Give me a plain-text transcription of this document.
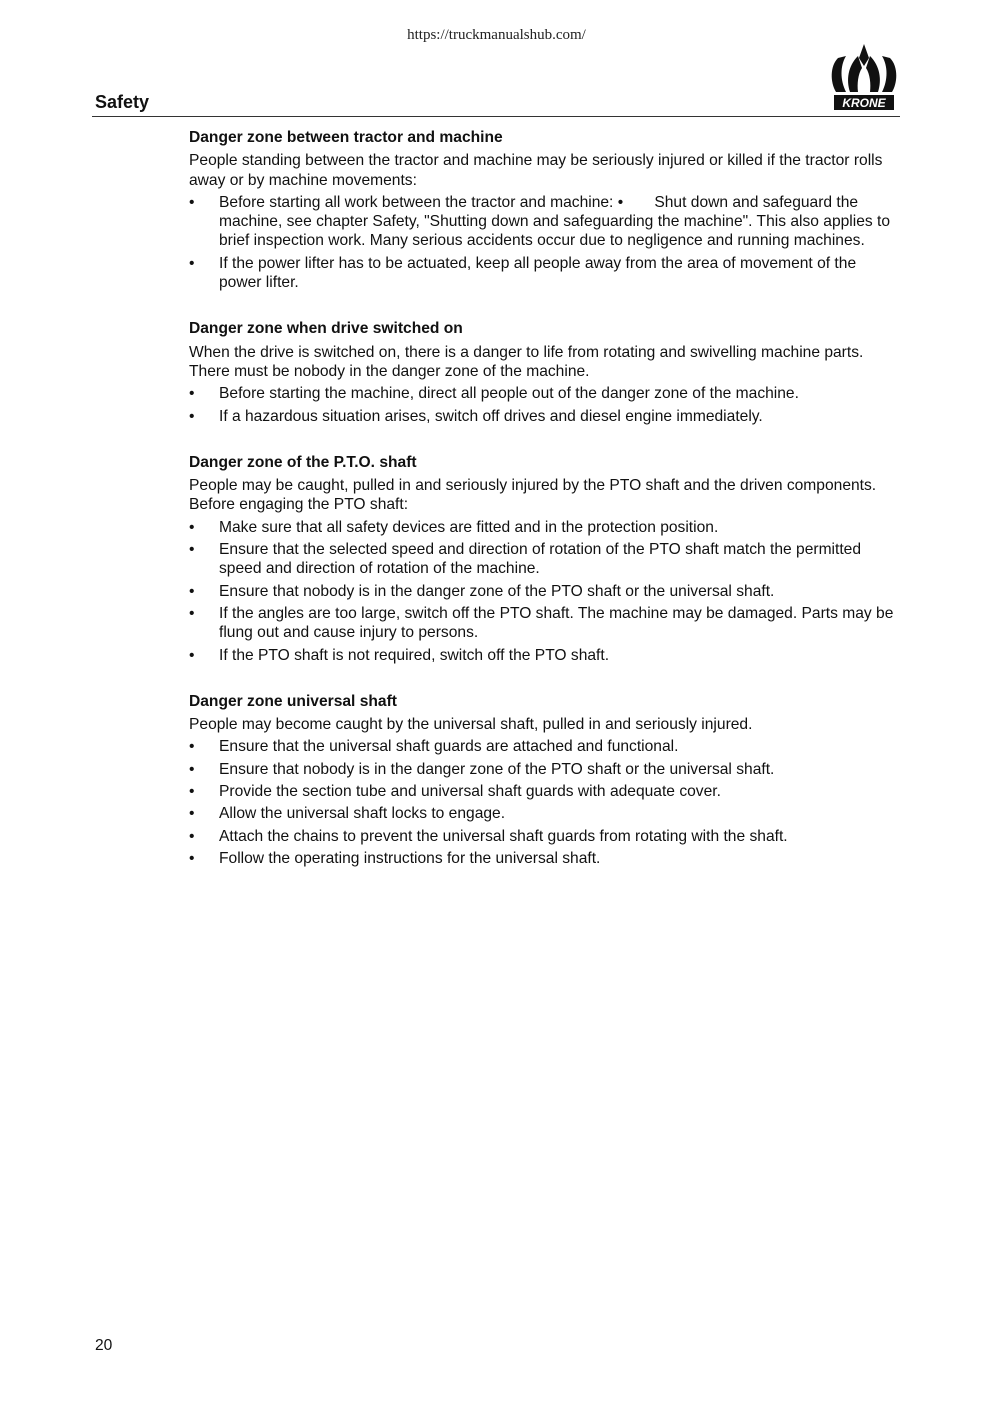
https://truckmanualshub.com/
Safety	KRONE
Danger zone between tractor and machine

People standing between the tractor and machine may be seriously injured or killed if the tractor rolls away or by machine movements:

• Before starting all work between the tractor and machine: •  Shut down and safeguard the machine, see chapter Safety, "Shutting down and safeguarding the machine". This also applies to brief inspection work. Many serious accidents occur due to negligence and running machines.
• If the power lifter has to be actuated, keep all people away from the area of movement of the power lifter.
Danger zone when drive switched on

When the drive is switched on, there is a danger to life from rotating and swivelling machine parts. There must be nobody in the danger zone of the machine.

• Before starting the machine, direct all people out of the danger zone of the machine.
• If a hazardous situation arises, switch off drives and diesel engine immediately.
Danger zone of the P.T.O. shaft

People may be caught, pulled in and seriously injured by the PTO shaft and the driven components.

Before engaging the PTO shaft:

• Make sure that all safety devices are fitted and in the protection position.
• Ensure that the selected speed and direction of rotation of the PTO shaft match the permitted speed and direction of rotation of the machine.
• Ensure that nobody is in the danger zone of the PTO shaft or the universal shaft.
• If the angles are too large, switch off the PTO shaft. The machine may be damaged. Parts may be flung out and cause injury to persons.
• If the PTO shaft is not required, switch off the PTO shaft.
Danger zone universal shaft

People may become caught by the universal shaft, pulled in and seriously injured.

• Ensure that the universal shaft guards are attached and functional.
• Ensure that nobody is in the danger zone of the PTO shaft or the universal shaft.
• Provide the section tube and universal shaft guards with adequate cover.
• Allow the universal shaft locks to engage.
• Attach the chains to prevent the universal shaft guards from rotating with the shaft.
• Follow the operating instructions for the universal shaft.
20
